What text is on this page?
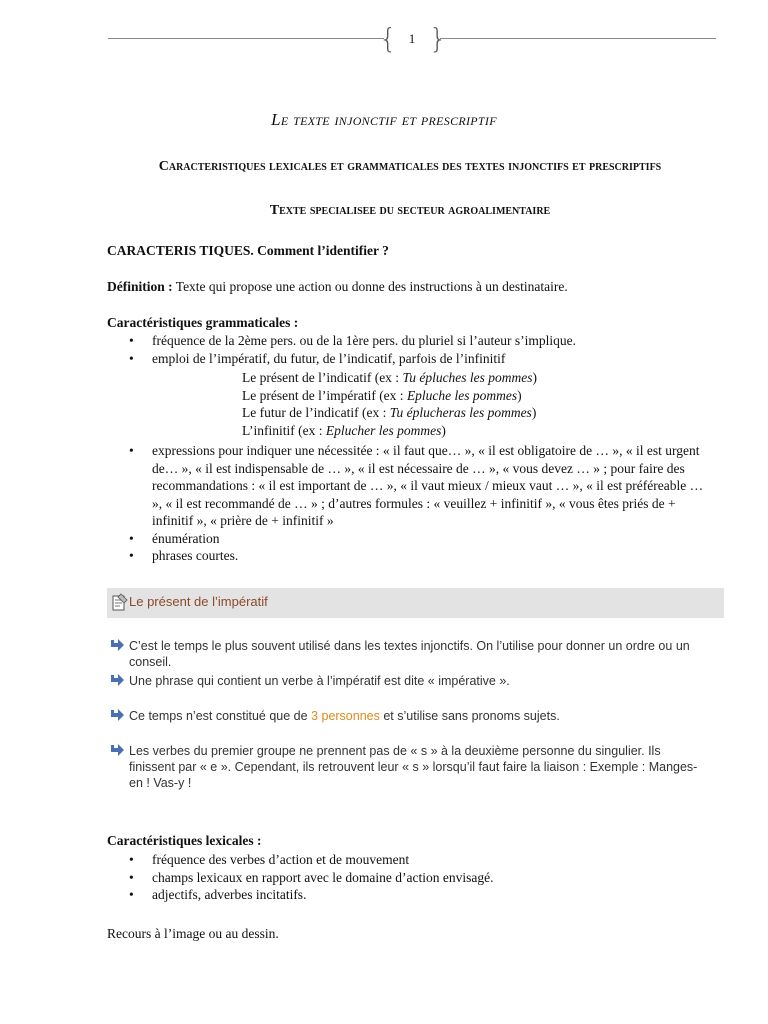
{ }
1
Le texte injonctif et prescriptif
Caracteristiques lexicales et grammaticales des textes injonctifs et prescriptifs
Texte specialisee du secteur agroalimentaire
CARACTERIS TIQUES. Comment l’identifier ?
Définition : Texte qui propose une action ou donne des instructions à un destinataire.
Caractéristiques grammaticales :
• fréquence de la 2ème pers. ou de la 1ère pers. du pluriel si l’auteur s’implique.
• emploi de l’impératif, du futur, de l’indicatif, parfois de l’infinitif
Le présent de l’indicatif (ex : Tu épluches les pommes)
Le présent de l’impératif (ex : Epluche les pommes)
Le futur de l’indicatif (ex : Tu éplucheras les pommes)
L’infinitif (ex : Eplucher les pommes)
• expressions pour indiquer une nécessitée : « il faut que… », « il est obligatoire de … », « il est urgent de… », « il est indispensable de … », « il est nécessaire de … », « vous devez … » ; pour faire des recommandations : « il est important de … », « il vaut mieux / mieux vaut … », « il est préféreable … », « il est recommandé de … » ; d’autres formules : « veuillez + infinitif », « vous êtes priés de + infinitif », « prière de + infinitif »
• énumération
• phrases courtes.
Le présent de l’impératif
C’est le temps le plus souvent utilisé dans les textes injonctifs. On l’utilise pour donner un ordre ou un conseil.
Une phrase qui contient un verbe à l’impératif est dite « impérative ».
Ce temps n’est constitué que de 3 personnes et s’utilise sans pronoms sujets.
Les verbes du premier groupe ne prennent pas de « s » à la deuxième personne du singulier. Ils finissent par « e ». Cependant, ils retrouvent leur « s » lorsqu’il faut faire la liaison : Exemple : Manges-en ! Vas-y !
Caractéristiques lexicales :
• fréquence des verbes d’action et de mouvement
• champs lexicaux en rapport avec le domaine d’action envisagé.
• adjectifs, adverbes incitatifs.
Recours à l’image ou au dessin.
